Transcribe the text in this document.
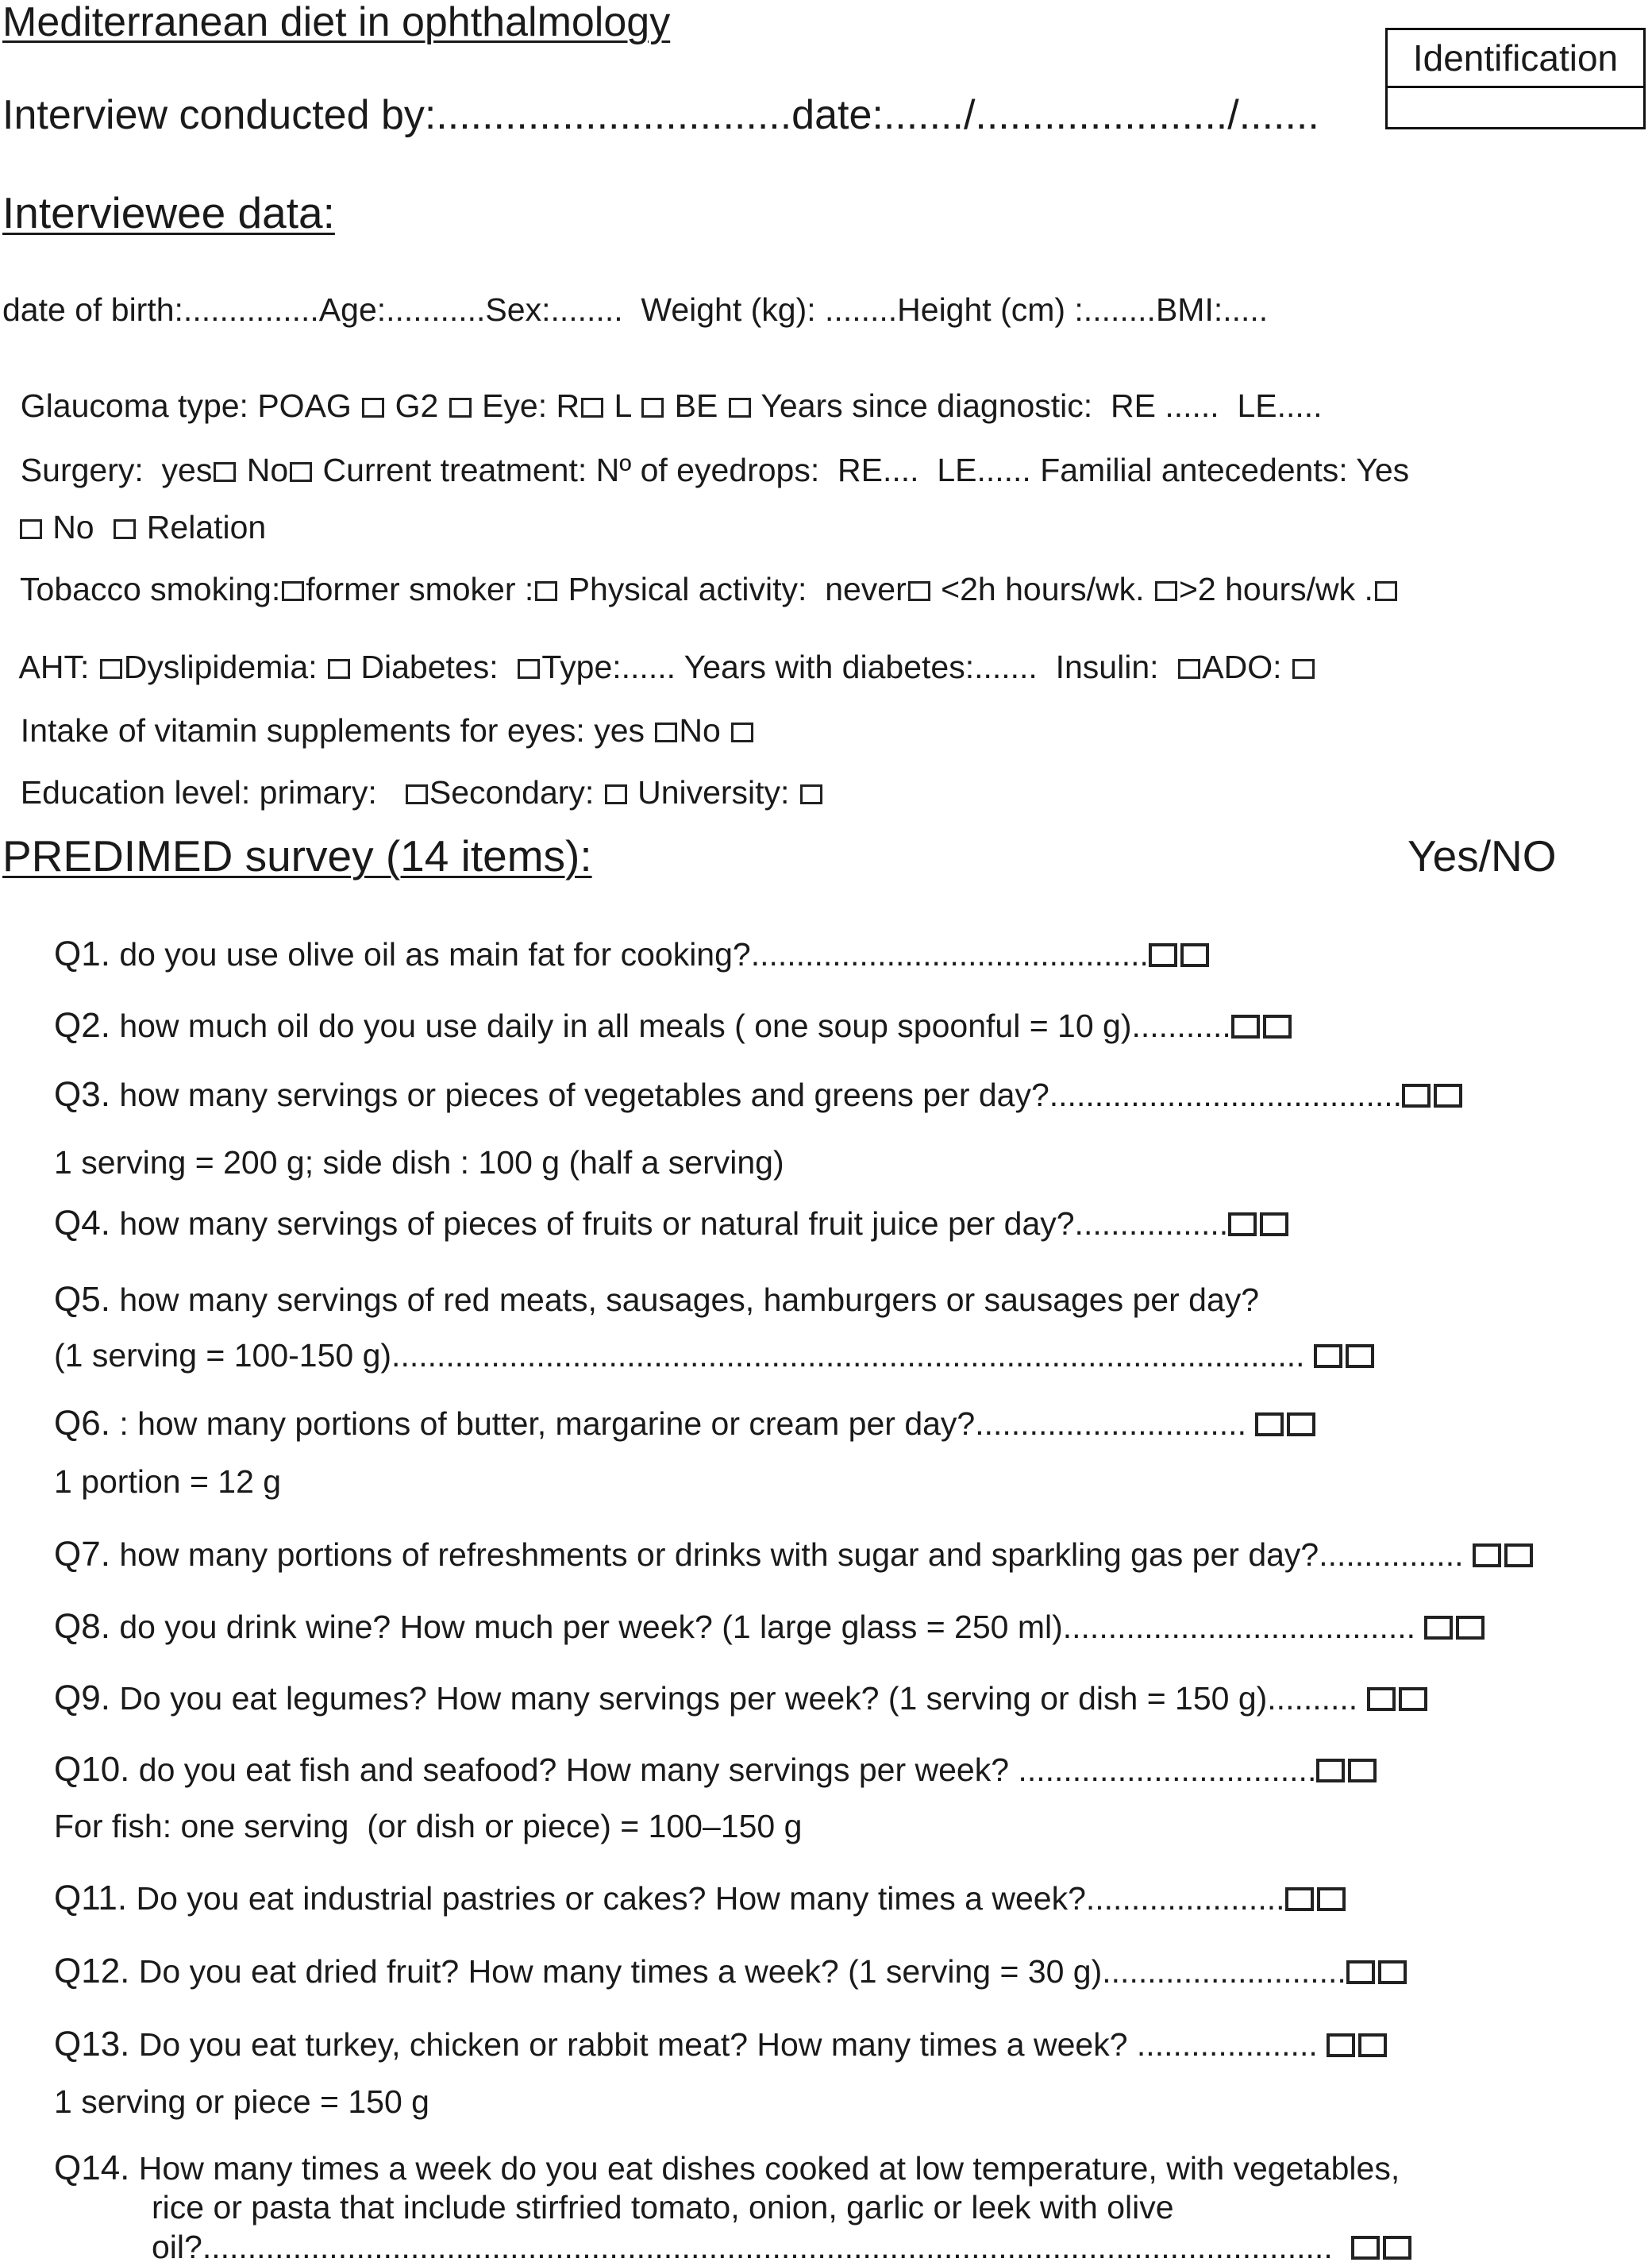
Mediterranean diet in ophthalmology
Identification
Interview conducted by:...............................date:......./....................../.......
Interviewee data:
date of birth:...............Age:...........Sex:........  Weight (kg): ........Height (cm) :........BMI:.....

Glaucoma type: POAG  G2  Eye: R L  BE  Years since diagnostic:  RE ......  LE.....

Surgery:  yes No Current treatment: Nº of eyedrops:  RE....  LE...... Familial antecedents: Yes

No   Relation

Tobacco smoking: former smoker : Physical activity:  never <2h hours/wk. >2 hours/wk .

AHT: Dyslipidemia:  Diabetes:  Type:...... Years with diabetes:.......  Insulin:  ADO:

Intake of vitamin supplements for eyes: yes No

Education level: primary:   Secondary:  University:

PREDIMED survey (14 items):	Yes/NO
Q1. do you use olive oil as main fat for cooking?............................................
Q2. how much oil do you use daily in all meals ( one soup spoonful = 10 g)...........
Q3. how many servings or pieces of vegetables and greens per day?.......................................
1 serving = 200 g; side dish : 100 g (half a serving)
Q4. how many servings of pieces of fruits or natural fruit juice per day?.................
Q5. how many servings of red meats, sausages, hamburgers or sausages per day?
(1 serving = 100-150 g).....................................................................................................
Q6. : how many portions of butter, margarine or cream per day?..............................
1 portion = 12 g
Q7. how many portions of refreshments or drinks with sugar and sparkling gas per day?................
Q8. do you drink wine? How much per week? (1 large glass = 250 ml).......................................
Q9. Do you eat legumes? How many servings per week? (1 serving or dish = 150 g)..........
Q10. do you eat fish and seafood? How many servings per week? .................................
For fish: one serving  (or dish or piece) = 100–150 g
Q11. Do you eat industrial pastries or cakes? How many times a week?......................
Q12. Do you eat dried fruit? How many times a week? (1 serving = 30 g)...........................
Q13. Do you eat turkey, chicken or rabbit meat? How many times a week? ....................
1 serving or piece = 150 g
Q14. How many times a week do you eat dishes cooked at low temperature, with vegetables,
rice or pasta that include stirfried tomato, onion, garlic or leek with olive
oil?.............................................................................................................................
